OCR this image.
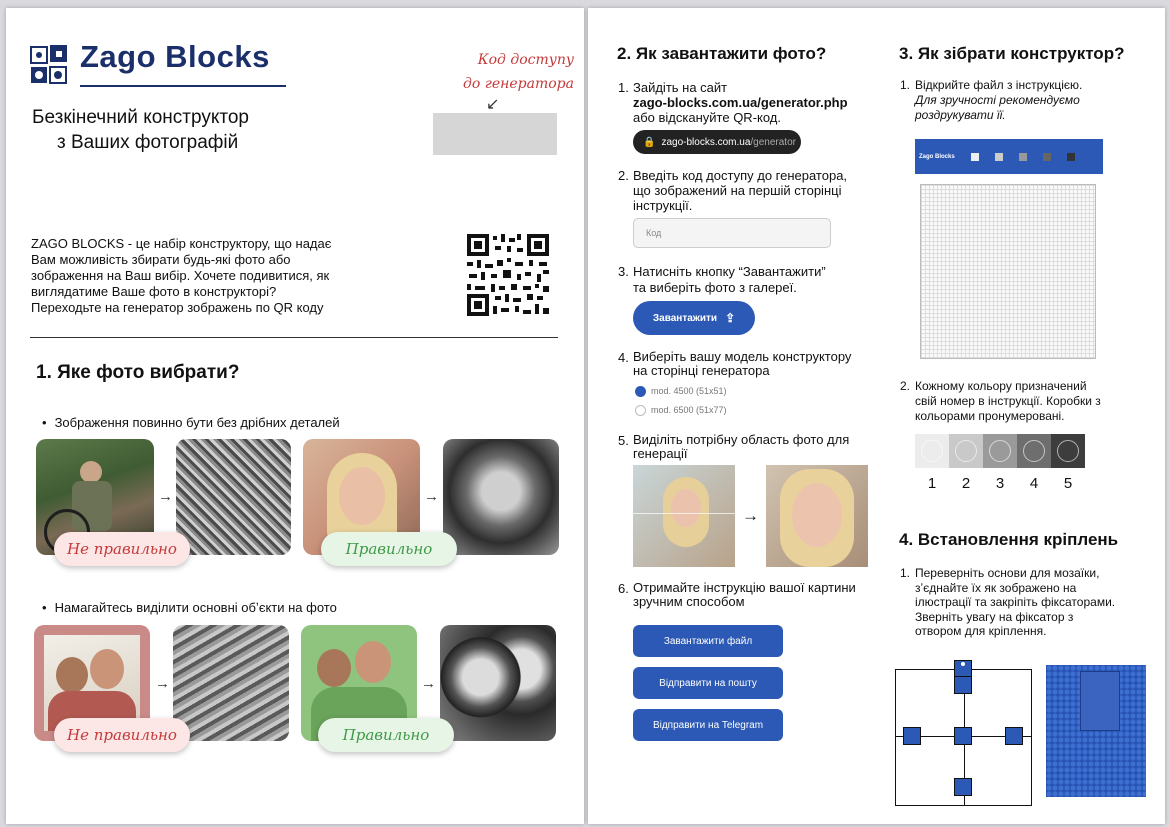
Zago Blocks
Безкінечний конструктор
з Ваших фотографій
Код доступу
до генератора
↙
ZAGO BLOCKS - це набір конструктору, що надає
Вам можливість збирати будь-які фото або
зображення на Ваш вибір. Хочете подивитися, як
виглядатиме Ваше фото в конструкторі?
Переходьте на генератор зображень по QR коду
1. Яке фото вибрати?
• Зображення повинно бути без дрібних деталей
→	→
Не правильно	Правильно
• Намагайтесь виділити основні обʼєкти на фото
→	→
Не правильно	Правильно
2. Як завантажити фото?
1. Зайдіть на сайт
zago-blocks.com.ua/generator.php
або відскануйте QR-код.
🔒 zago-blocks.com.ua /generator
2. Введіть код доступу до генератора,
що зображений на першій сторінці
інструкції.
Код
3. Натисніть кнопку “Завантажити”
та виберіть фото з галереї.
Завантажити ⇪
4. Виберіть вашу модель конструктору
на сторінці генератора
mod. 4500 (51x51)
mod. 6500 (51x77)
5. Виділіть потрібну область фото для
генерації
→
6. Отримайте інструкцію вашої картини
зручним способом
Завантажити файл
Відправити на пошту
Відправити на Telegram
3. Як зібрати конструктор?
1. Відкрийте файл з інструкцією.
Для зручності рекомендуємо
роздрукувати її.
Zago Blocks
2. Кожному кольору призначений
свій номер в інструкції. Коробки з
кольорами пронумеровані.
1	2	3	4	5
4. Встановлення кріплень
1. Переверніть основи для мозаїки,
зʼєднайте їх як зображено на
ілюстрації та закріпіть фіксаторами.
Зверніть увагу на фіксатор з
отвором для кріплення.
